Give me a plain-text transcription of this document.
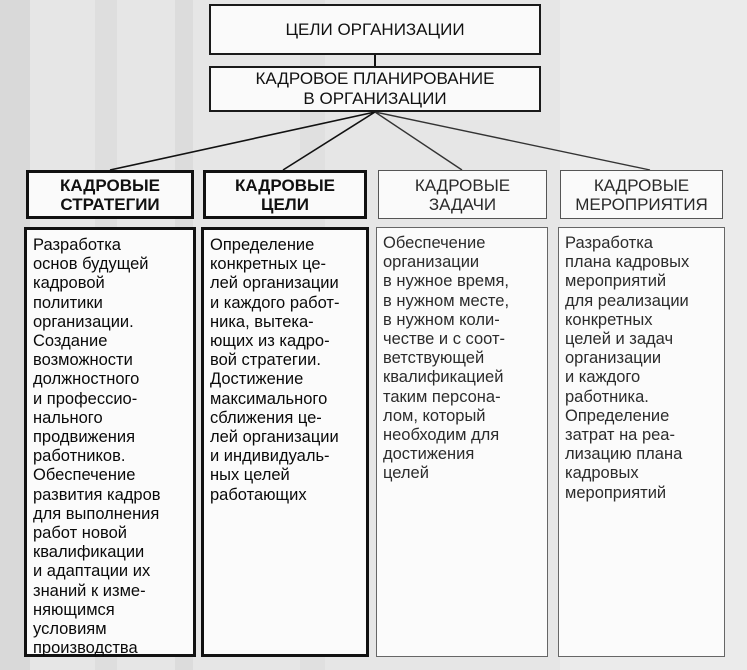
ЦЕЛИ ОРГАНИЗАЦИИ
КАДРОВОЕ ПЛАНИРОВАНИЕ
В ОРГАНИЗАЦИИ
КАДРОВЫЕ
СТРАТЕГИИ
КАДРОВЫЕ
ЦЕЛИ
КАДРОВЫЕ
ЗАДАЧИ
КАДРОВЫЕ
МЕРОПРИЯТИЯ
Разработка
основ будущей
кадровой
политики
организации.
Создание
возможности
должностного
и профессио-
нального
продвижения
работников.
Обеспечение
развития кадров
для выполнения
работ новой
квалификации
и адаптации их
знаний к изме-
няющимся
условиям
производства
Определение
конкретных це-
лей организации
и каждого работ-
ника, вытека-
ющих из кадро-
вой стратегии.
Достижение
максимального
сближения це-
лей организации
и индивидуаль-
ных целей
работающих
Обеспечение
организации
в нужное время,
в нужном месте,
в нужном коли-
честве и с соот-
ветствующей
квалификацией
таким персона-
лом, который
необходим для
достижения
целей
Разработка
плана кадровых
мероприятий
для реализации
конкретных
целей и задач
организации
и каждого
работника.
Определение
затрат на реа-
лизацию плана
кадровых
мероприятий
